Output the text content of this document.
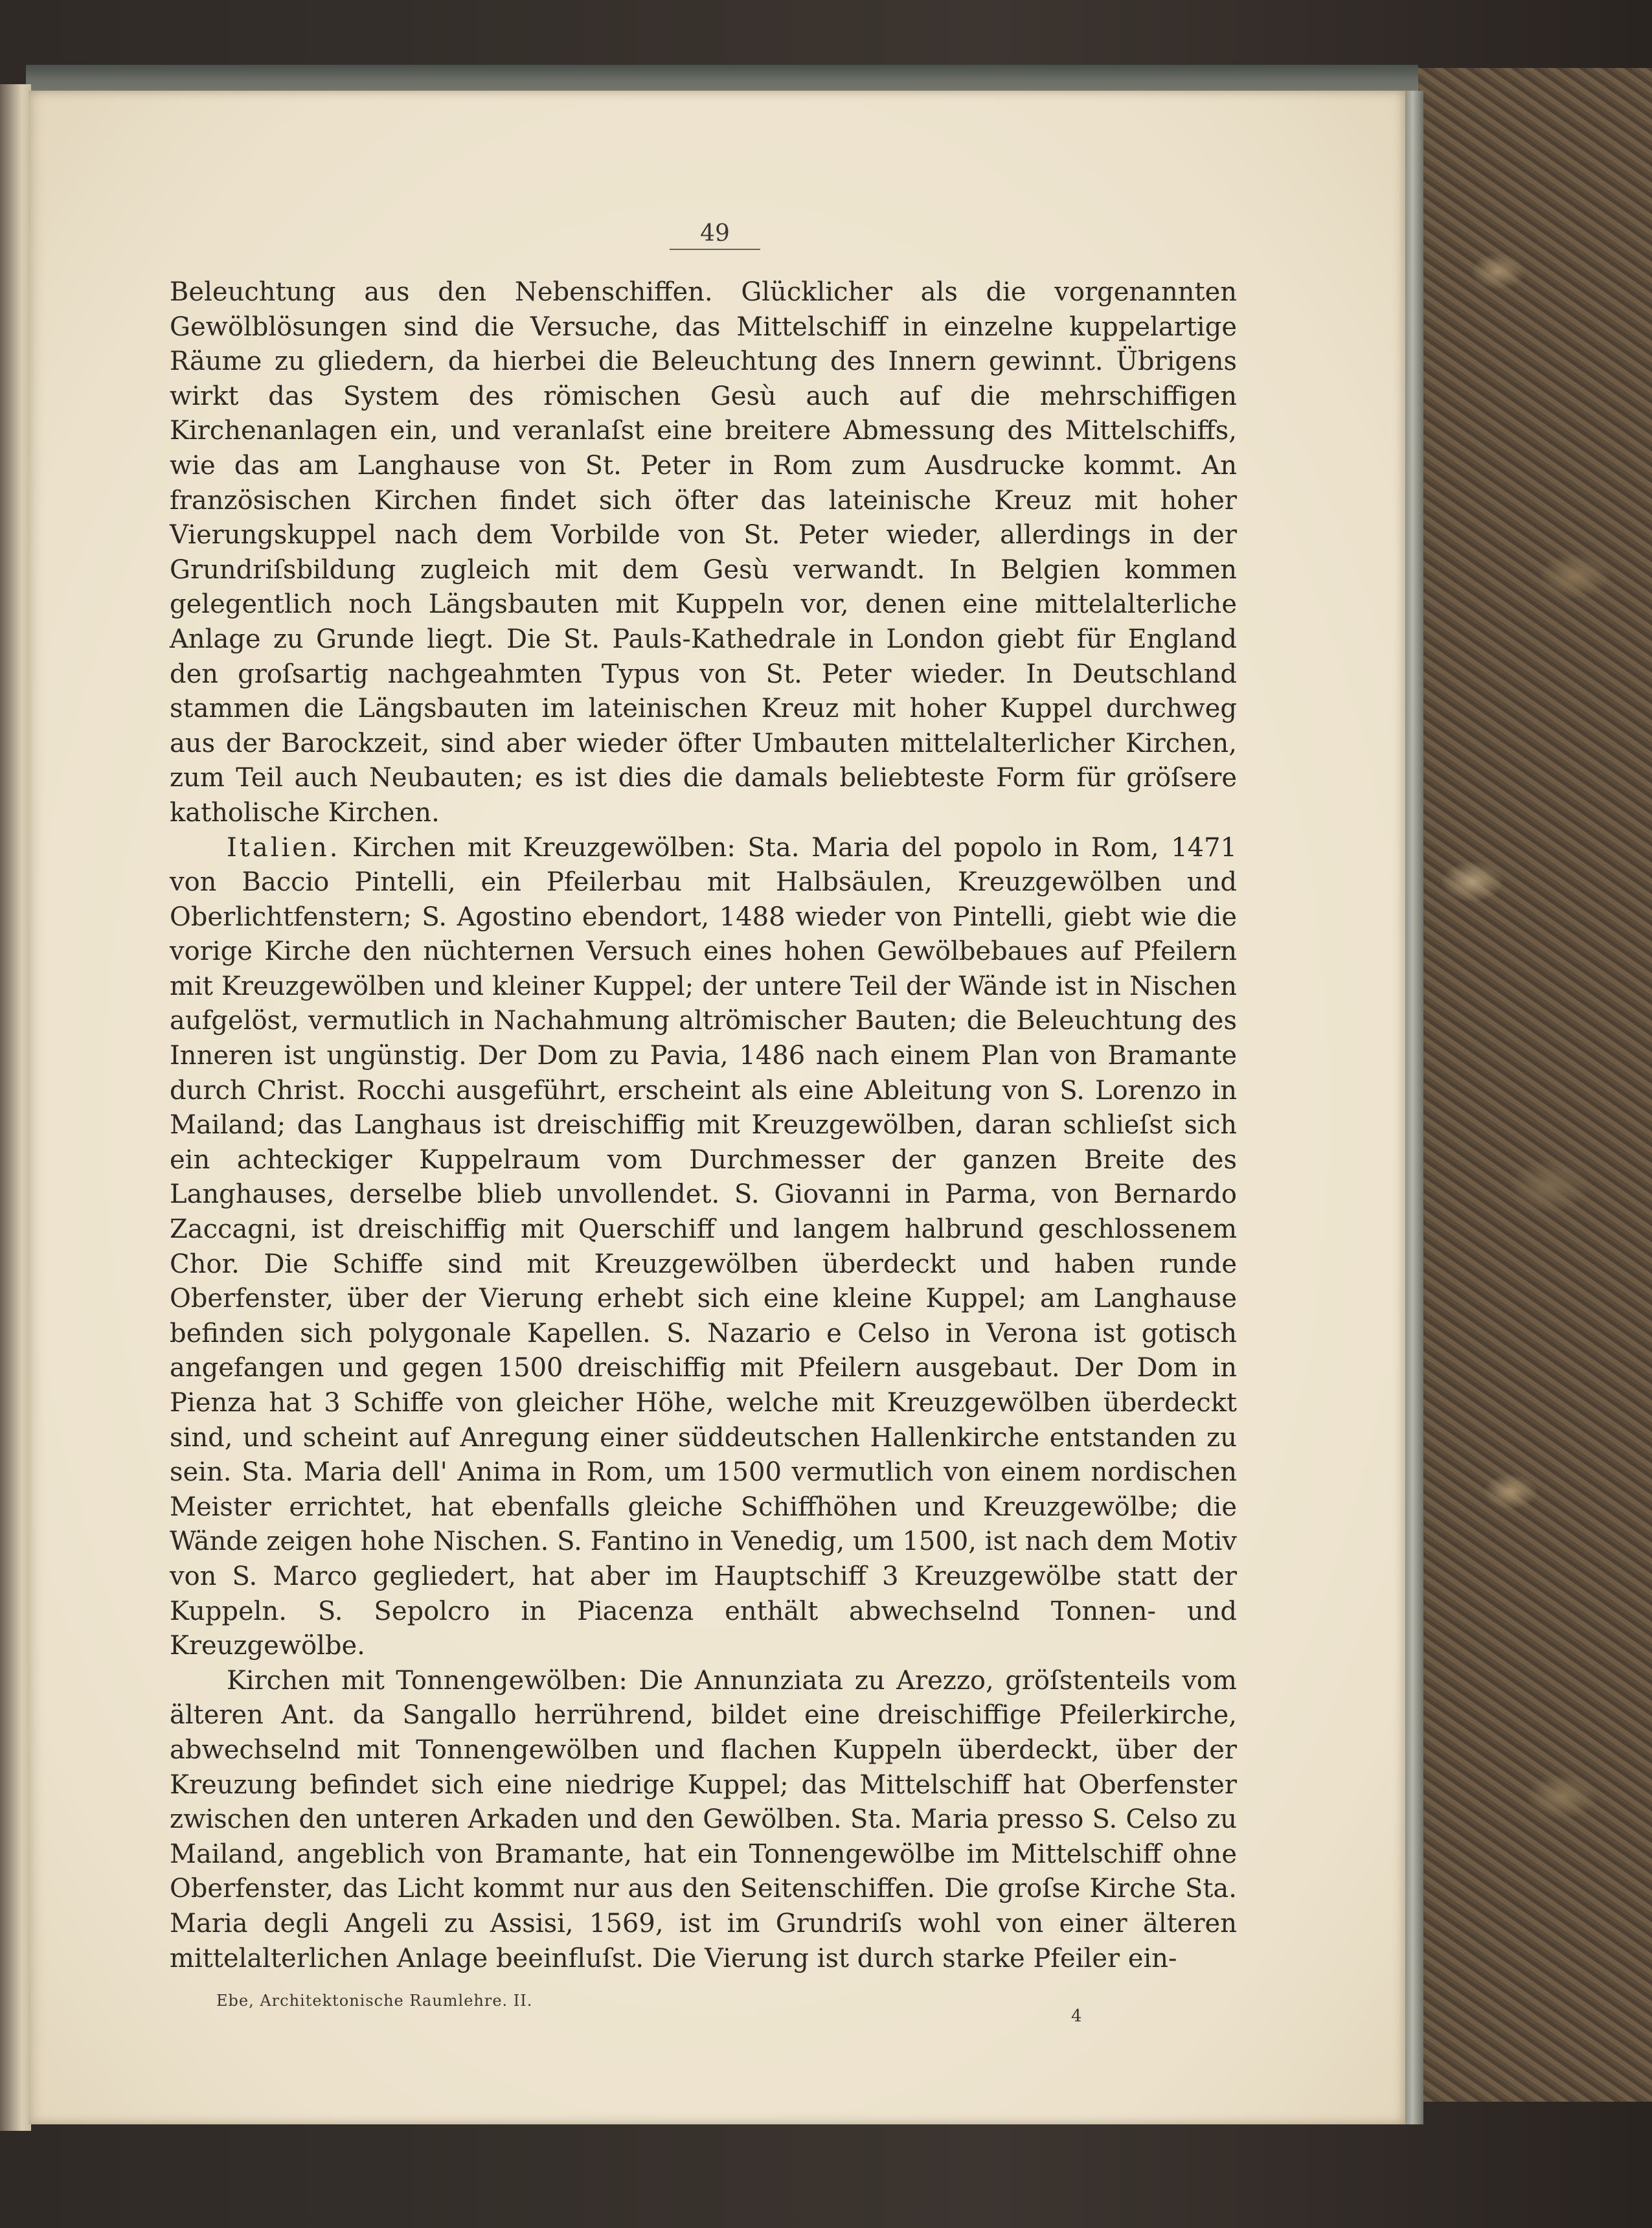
49

Beleuchtung aus den Nebenschiffen. Glücklicher als die vorgenannten Gewölblösungen sind die Versuche, das Mittelschiff in einzelne kuppelartige Räume zu gliedern, da hierbei die Beleuchtung des Innern gewinnt. Übrigens wirkt das System des römischen Gesù auch auf die mehrschiffigen Kirchenanlagen ein, und veranlaſst eine breitere Abmessung des Mittelschiffs, wie das am Langhause von St. Peter in Rom zum Ausdrucke kommt. An französischen Kirchen findet sich öfter das lateinische Kreuz mit hoher Vierungskuppel nach dem Vorbilde von St. Peter wieder, allerdings in der Grundriſsbildung zugleich mit dem Gesù verwandt. In Belgien kommen gelegentlich noch Längsbauten mit Kuppeln vor, denen eine mittelalterliche Anlage zu Grunde liegt. Die St. Pauls-Kathedrale in London giebt für England den groſsartig nachgeahmten Typus von St. Peter wieder. In Deutschland stammen die Längsbauten im lateinischen Kreuz mit hoher Kuppel durchweg aus der Barockzeit, sind aber wieder öfter Umbauten mittelalterlicher Kirchen, zum Teil auch Neubauten; es ist dies die damals beliebteste Form für gröſsere katholische Kirchen.

Italien. Kirchen mit Kreuzgewölben: Sta. Maria del popolo in Rom, 1471 von Baccio Pintelli, ein Pfeilerbau mit Halbsäulen, Kreuzgewölben und Oberlichtfenstern; S. Agostino ebendort, 1488 wieder von Pintelli, giebt wie die vorige Kirche den nüchternen Versuch eines hohen Gewölbebaues auf Pfeilern mit Kreuzgewölben und kleiner Kuppel; der untere Teil der Wände ist in Nischen aufgelöst, vermutlich in Nachahmung altrömischer Bauten; die Beleuchtung des Inneren ist ungünstig. Der Dom zu Pavia, 1486 nach einem Plan von Bramante durch Christ. Rocchi ausgeführt, erscheint als eine Ableitung von S. Lorenzo in Mailand; das Langhaus ist dreischiffig mit Kreuzgewölben, daran schlieſst sich ein achteckiger Kuppelraum vom Durchmesser der ganzen Breite des Langhauses, derselbe blieb unvollendet. S. Giovanni in Parma, von Bernardo Zaccagni, ist dreischiffig mit Querschiff und langem halbrund geschlossenem Chor. Die Schiffe sind mit Kreuzgewölben überdeckt und haben runde Oberfenster, über der Vierung erhebt sich eine kleine Kuppel; am Langhause befinden sich polygonale Kapellen. S. Nazario e Celso in Verona ist gotisch angefangen und gegen 1500 dreischiffig mit Pfeilern ausgebaut. Der Dom in Pienza hat 3 Schiffe von gleicher Höhe, welche mit Kreuzgewölben überdeckt sind, und scheint auf Anregung einer süddeutschen Hallenkirche entstanden zu sein. Sta. Maria dell' Anima in Rom, um 1500 vermutlich von einem nordischen Meister errichtet, hat ebenfalls gleiche Schiffhöhen und Kreuzgewölbe; die Wände zeigen hohe Nischen. S. Fantino in Venedig, um 1500, ist nach dem Motiv von S. Marco gegliedert, hat aber im Hauptschiff 3 Kreuzgewölbe statt der Kuppeln. S. Sepolcro in Piacenza enthält abwechselnd Tonnen- und Kreuzgewölbe.

Kirchen mit Tonnengewölben: Die Annunziata zu Arezzo, gröſstenteils vom älteren Ant. da Sangallo herrührend, bildet eine dreischiffige Pfeilerkirche, abwechselnd mit Tonnengewölben und flachen Kuppeln überdeckt, über der Kreuzung befindet sich eine niedrige Kuppel; das Mittelschiff hat Oberfenster zwischen den unteren Arkaden und den Gewölben. Sta. Maria presso S. Celso zu Mailand, angeblich von Bramante, hat ein Tonnengewölbe im Mittelschiff ohne Oberfenster, das Licht kommt nur aus den Seitenschiffen. Die groſse Kirche Sta. Maria degli Angeli zu Assisi, 1569, ist im Grundriſs wohl von einer älteren mittelalterlichen Anlage beeinfluſst. Die Vierung ist durch starke Pfeiler ein-

Ebe, Architektonische Raumlehre. II.
4
